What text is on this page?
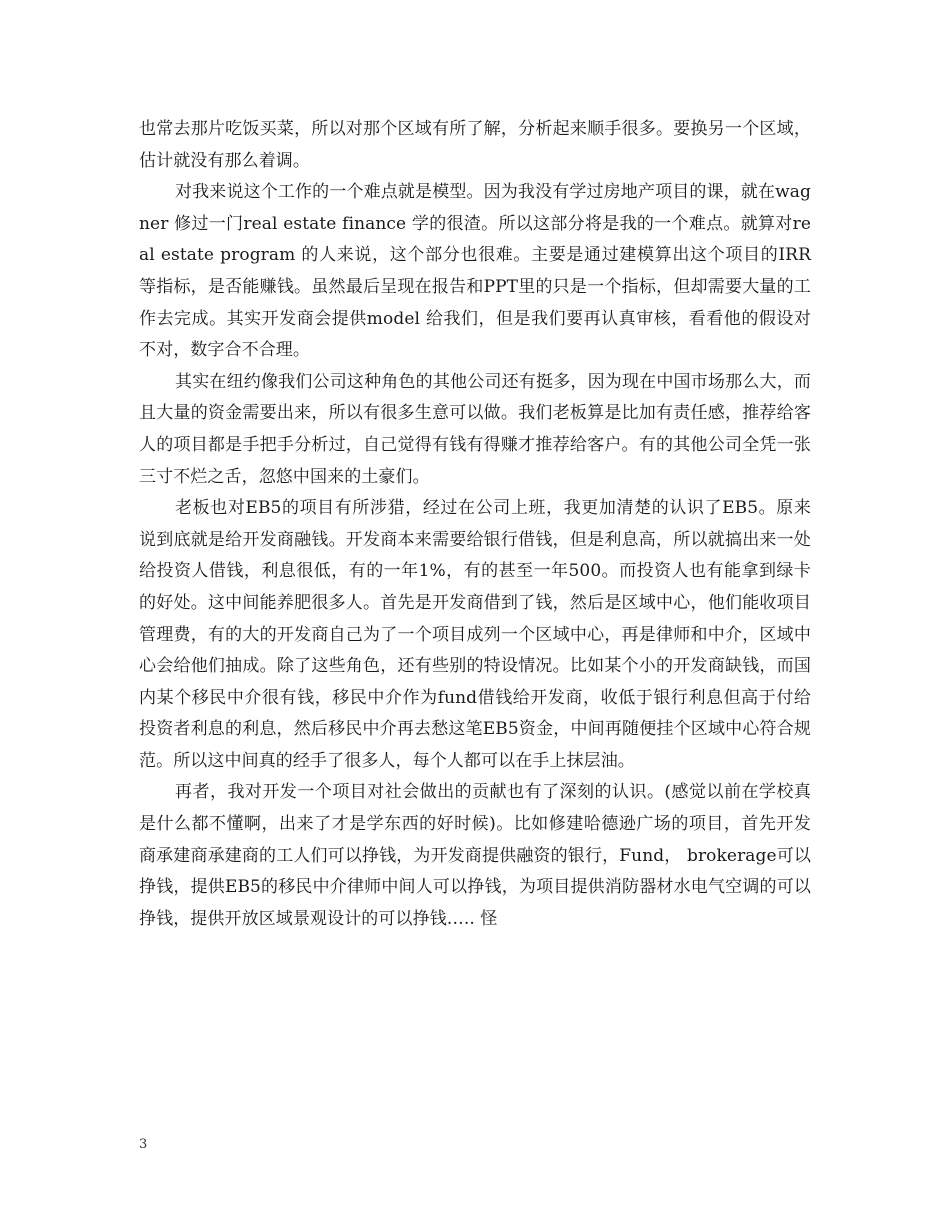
也常去那片吃饭买菜，所以对那个区域有所了解，分析起来顺手很多。要换另一个区域，估计就没有那么着调。

对我来说这个工作的一个难点就是模型。因为我没有学过房地产项目的课，就在wagner 修过一门real estate finance 学的很渣。所以这部分将是我的一个难点。就算对real estate program 的人来说，这个部分也很难。主要是通过建模算出这个项目的IRR等指标，是否能赚钱。虽然最后呈现在报告和PPT里的只是一个指标，但却需要大量的工作去完成。其实开发商会提供model 给我们，但是我们要再认真审核，看看他的假设对不对，数字合不合理。

其实在纽约像我们公司这种角色的其他公司还有挺多，因为现在中国市场那么大，而且大量的资金需要出来，所以有很多生意可以做。我们老板算是比加有责任感，推荐给客人的项目都是手把手分析过，自己觉得有钱有得赚才推荐给客户。有的其他公司全凭一张三寸不烂之舌，忽悠中国来的土豪们。

老板也对EB5的项目有所涉猎，经过在公司上班，我更加清楚的认识了EB5。原来说到底就是给开发商融钱。开发商本来需要给银行借钱，但是利息高，所以就搞出来一处给投资人借钱，利息很低，有的一年1%，有的甚至一年500。而投资人也有能拿到绿卡的好处。这中间能养肥很多人。首先是开发商借到了钱，然后是区域中心，他们能收项目管理费，有的大的开发商自己为了一个项目成列一个区域中心，再是律师和中介，区域中心会给他们抽成。除了这些角色，还有些别的特设情况。比如某个小的开发商缺钱，而国内某个移民中介很有钱，移民中介作为fund借钱给开发商，收低于银行利息但高于付给投资者利息的利息，然后移民中介再去愁这笔EB5资金，中间再随便挂个区域中心符合规范。所以这中间真的经手了很多人，每个人都可以在手上抹层油。

再者，我对开发一个项目对社会做出的贡献也有了深刻的认识。(感觉以前在学校真是什么都不懂啊，出来了才是学东西的好时候)。比如修建哈德逊广场的项目，首先开发商承建商承建商的工人们可以挣钱，为开发商提供融资的银行，Fund， brokerage可以挣钱，提供EB5的移民中介律师中间人可以挣钱，为项目提供消防器材水电气空调的可以挣钱，提供开放区域景观设计的可以挣钱….. 怪

3
